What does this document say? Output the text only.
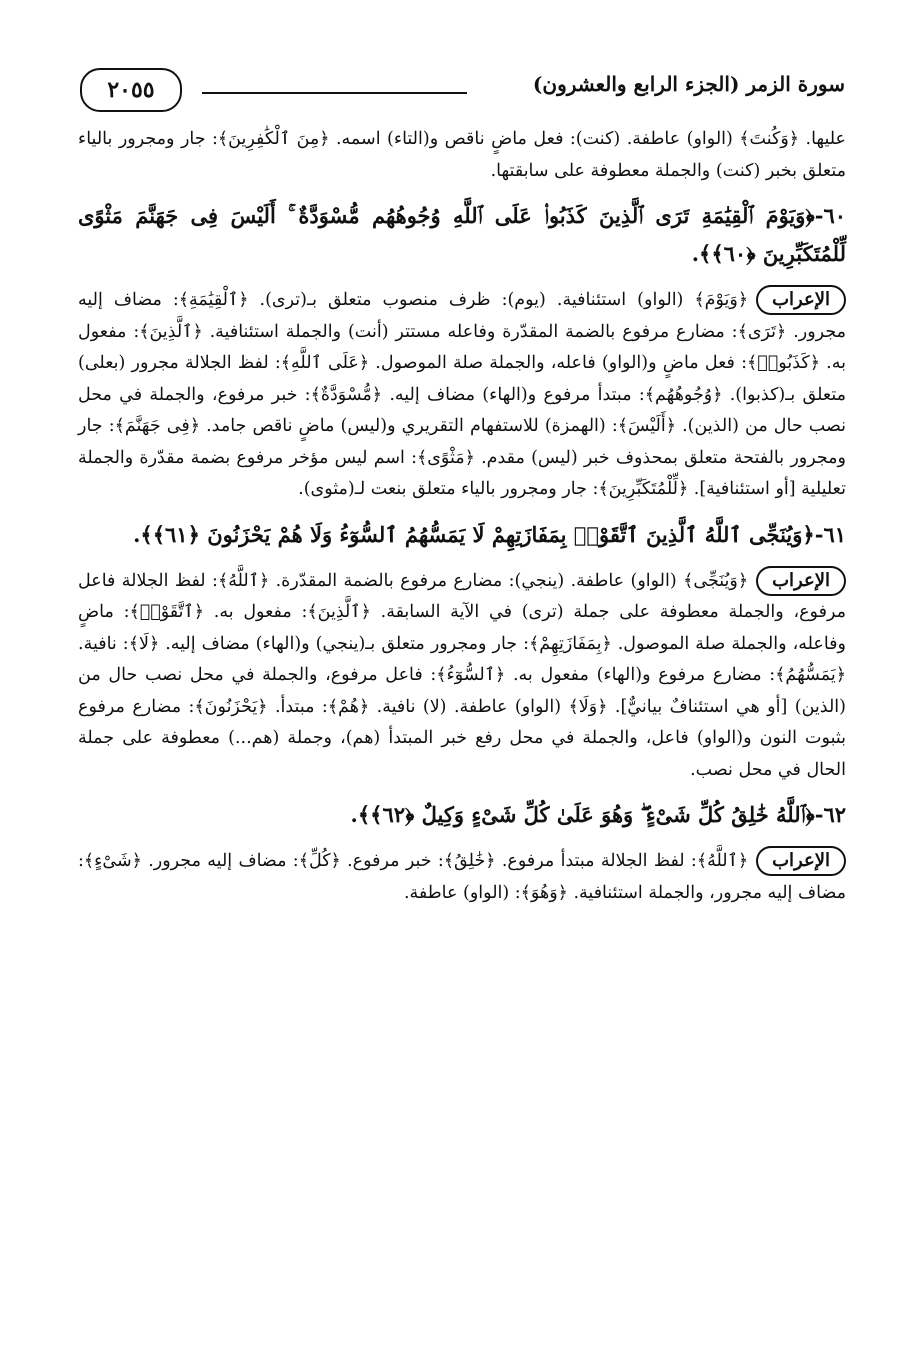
٢٠٥٥	سورة الزمر (الجزء الرابع والعشرون)

عليها. ﴿وَكُنتَ﴾ (الواو) عاطفة. (كنت): فعل ماضٍ ناقص و(التاء) اسمه. ﴿مِنَ ٱلْكَٰفِرِينَ﴾: جار ومجرور بالياء متعلق بخبر (كنت) والجملة معطوفة على سابقتها.

٦٠-﴿وَيَوْمَ ٱلْقِيَٰمَةِ تَرَى ٱلَّذِينَ كَذَبُوا۟ عَلَى ٱللَّهِ وُجُوهُهُم مُّسْوَدَّةٌ ۚ أَلَيْسَ فِى جَهَنَّمَ مَثْوًى لِّلْمُتَكَبِّرِينَ ﴿٦٠﴾﴾.

الإعراب﴿وَيَوْمَ﴾ (الواو) استئنافية. (يوم): ظرف منصوب متعلق بـ(ترى). ﴿ٱلْقِيَٰمَةِ﴾: مضاف إليه مجرور. ﴿تَرَى﴾: مضارع مرفوع بالضمة المقدّرة وفاعله مستتر (أنت) والجملة استئنافية. ﴿ٱلَّذِينَ﴾: مفعول به. ﴿كَذَبُوا۟﴾: فعل ماضٍ و(الواو) فاعله، والجملة صلة الموصول. ﴿عَلَى ٱللَّهِ﴾: لفظ الجلالة مجرور (بعلى) متعلق بـ(كذبوا). ﴿وُجُوهُهُم﴾: مبتدأ مرفوع و(الهاء) مضاف إليه. ﴿مُّسْوَدَّةٌ﴾: خبر مرفوع، والجملة في محل نصب حال من (الذين). ﴿أَلَيْسَ﴾: (الهمزة) للاستفهام التقريري و(ليس) ماضٍ ناقص جامد. ﴿فِى جَهَنَّمَ﴾: جار ومجرور بالفتحة متعلق بمحذوف خبر (ليس) مقدم. ﴿مَثْوًى﴾: اسم ليس مؤخر مرفوع بضمة مقدّرة والجملة تعليلية [أو استئنافية]. ﴿لِّلْمُتَكَبِّرِينَ﴾: جار ومجرور بالياء متعلق بنعت لـ(مثوى).

٦١-﴿وَيُنَجِّى ٱللَّهُ ٱلَّذِينَ ٱتَّقَوْا۟ بِمَفَازَتِهِمْ لَا يَمَسُّهُمُ ٱلسُّوٓءُ وَلَا هُمْ يَحْزَنُونَ ﴿٦١﴾﴾.

الإعراب﴿وَيُنَجِّى﴾ (الواو) عاطفة. (ينجي): مضارع مرفوع بالضمة المقدّرة. ﴿ٱللَّهُ﴾: لفظ الجلالة فاعل مرفوع، والجملة معطوفة على جملة (ترى) في الآية السابقة. ﴿ٱلَّذِينَ﴾: مفعول به. ﴿ٱتَّقَوْا۟﴾: ماضٍ وفاعله، والجملة صلة الموصول. ﴿بِمَفَازَتِهِمْ﴾: جار ومجرور متعلق بـ(ينجي) و(الهاء) مضاف إليه. ﴿لَا﴾: نافية. ﴿يَمَسُّهُمُ﴾: مضارع مرفوع و(الهاء) مفعول به. ﴿ٱلسُّوٓءُ﴾: فاعل مرفوع، والجملة في محل نصب حال من (الذين) [أو هي استئنافٌ بيانيٌّ]. ﴿وَلَا﴾ (الواو) عاطفة. (لا) نافية. ﴿هُمْ﴾: مبتدأ. ﴿يَحْزَنُونَ﴾: مضارع مرفوع بثبوت النون و(الواو) فاعل، والجملة في محل رفع خبر المبتدأ (هم)، وجملة (هم...) معطوفة على جملة الحال في محل نصب.

٦٢-﴿ٱللَّهُ خَٰلِقُ كُلِّ شَىْءٍ ۖ وَهُوَ عَلَىٰ كُلِّ شَىْءٍ وَكِيلٌ ﴿٦٢﴾﴾.

الإعراب﴿ٱللَّهُ﴾: لفظ الجلالة مبتدأ مرفوع. ﴿خَٰلِقُ﴾: خبر مرفوع. ﴿كُلِّ﴾: مضاف إليه مجرور. ﴿شَىْءٍ﴾: مضاف إليه مجرور، والجملة استئنافية. ﴿وَهُوَ﴾: (الواو) عاطفة.
